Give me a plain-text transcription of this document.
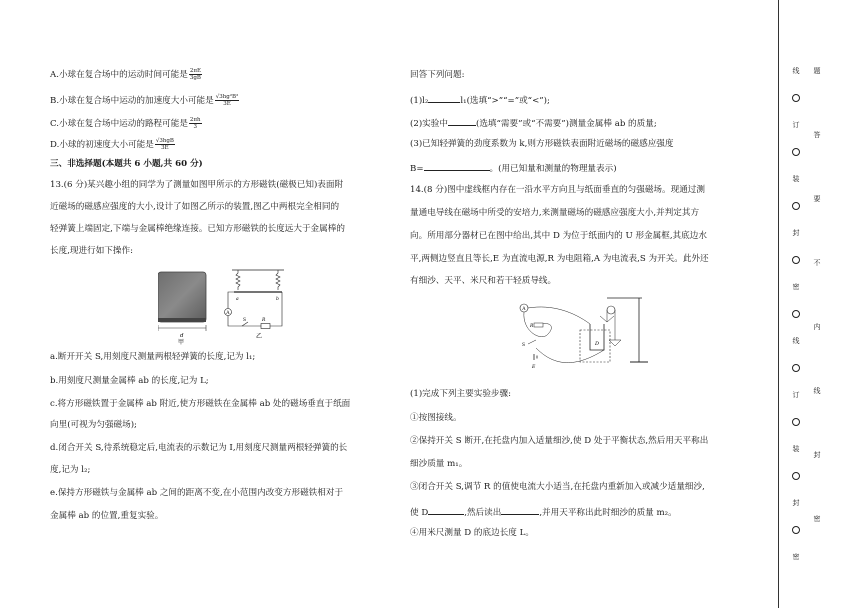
A.小球在复合场中的运动时间可能是 $\frac{2\pi E}{3gB}$
B.小球在复合场中运动的加速度大小可能是 $\frac{\text{√3hg²B²}}{3E}$
C.小球在复合场中运动的路程可能是 $\frac{2\pi h}{3}$
D.小球的初速度大小可能是 $\frac{\text{√3hgB}}{3E}$
三、非选择题(本题共 6 小题,共 60 分)
13.(6 分)某兴趣小组的同学为了测量如图甲所示的方形磁铁(磁极已知)表面附
近磁场的磁感应强度的大小,设计了如图乙所示的装置,图乙中两根完全相同的
轻弹簧上端固定,下端与金属棒绝缘连接。已知方形磁铁的长度远大于金属棒的
长度,现进行如下操作:
d
甲
a	b
A
R
S
乙
a.断开开关 S,用刻度尺测量两根轻弹簧的长度,记为 l₁;
b.用刻度尺测量金属棒 ab 的长度,记为 L;
c.将方形磁铁置于金属棒 ab 附近,使方形磁铁在金属棒 ab 处的磁场垂直于纸面
向里(可视为匀强磁场);
d.闭合开关 S,待系统稳定后,电流表的示数记为 I,用刻度尺测量两根轻弹簧的长
度,记为 l₂;
e.保持方形磁铁与金属棒 ab 之间的距离不变,在小范围内改变方形磁铁相对于
金属棒 ab 的位置,重复实验。
回答下列问题:
(1)l₂	l₁(选填“>”“=”或“<”);
(2)实验中	(选填“需要”或“不需要”)测量金属棒 ab 的质量;
(3)已知轻弹簧的劲度系数为 k,则方形磁铁表面附近磁场的磁感应强度
B=	。(用已知量和测量的物理量表示)
14.(8 分)图中虚线框内存在一沿水平方向且与纸面垂直的匀强磁场。现通过测
量通电导线在磁场中所受的安培力,来测量磁场的磁感应强度大小,并判定其方
向。所用部分器材已在图中给出,其中 D 为位于纸面内的 U 形金属框,其底边水
平,两侧边竖直且等长,E 为直流电源,R 为电阻箱,A 为电流表,S 为开关。此外还
有细沙、天平、米尺和若干轻质导线。
D
A
R
S
E
(1)完成下列主要实验步骤:
①按图接线。
②保持开关 S 断开,在托盘内加入适量细沙,使 D 处于平衡状态,然后用天平称出
细沙质量 m₁。
③闭合开关 S,调节 R 的值使电流大小适当,在托盘内重新加入或减少适量细沙,
使 D	,然后读出	,并用天平称出此时细沙的质量 m₂。
④用米尺测量 D 的底边长度 L。
线
订
装
封
密
线
订
装
封
密
题
答
要
不
内
线
封
密
